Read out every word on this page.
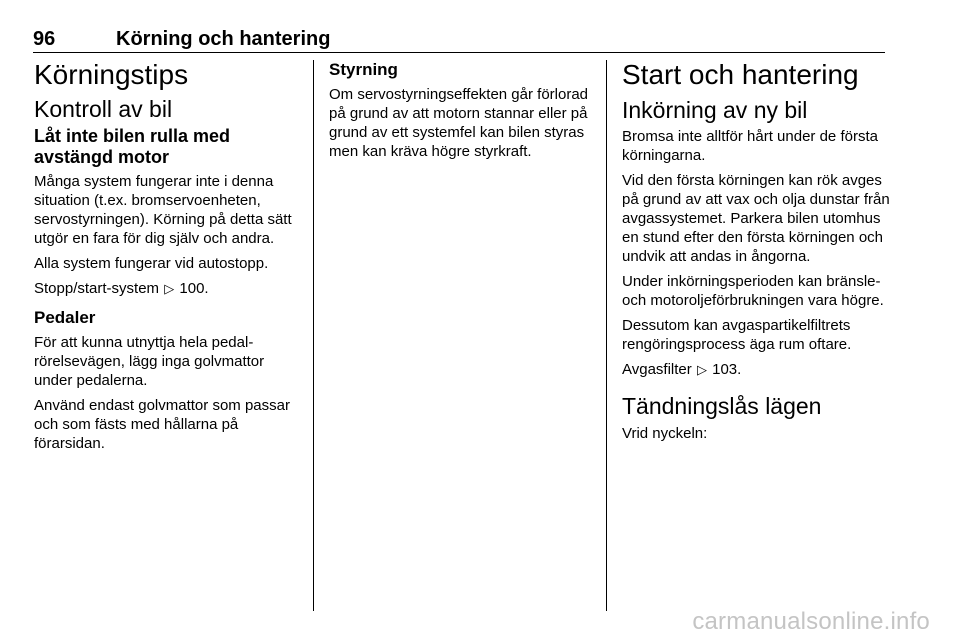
96	Körning och hantering
Körningstips
Kontroll av bil
Låt inte bilen rulla med avstängd motor

Många system fungerar inte i denna situation (t.ex. bromservoenheten, servostyrningen). Körning på detta sätt utgör en fara för dig själv och andra.

Alla system fungerar vid autostopp.

Stopp/start-system ▷ 100.

Pedaler

För att kunna utnyttja hela pedalrörelsevägen, lägg inga golvmattor under pedalerna.

Använd endast golvmattor som passar och som fästs med hållarna på förarsidan.

Styrning

Om servostyrningseffekten går förlorad på grund av att motorn stannar eller på grund av ett systemfel kan bilen styras men kan kräva högre styrkraft.

Start och hantering
Inkörning av ny bil

Bromsa inte alltför hårt under de första körningarna.

Vid den första körningen kan rök avges på grund av att vax och olja dunstar från avgassystemet. Parkera bilen utomhus en stund efter den första körningen och undvik att andas in ångorna.

Under inkörningsperioden kan bränsle- och motoroljeförbrukningen vara högre.

Dessutom kan avgaspartikelfiltrets rengöringsprocess äga rum oftare.

Avgasfilter ▷ 103.

Tändningslås lägen

Vrid nyckeln:

carmanualsonline.info
